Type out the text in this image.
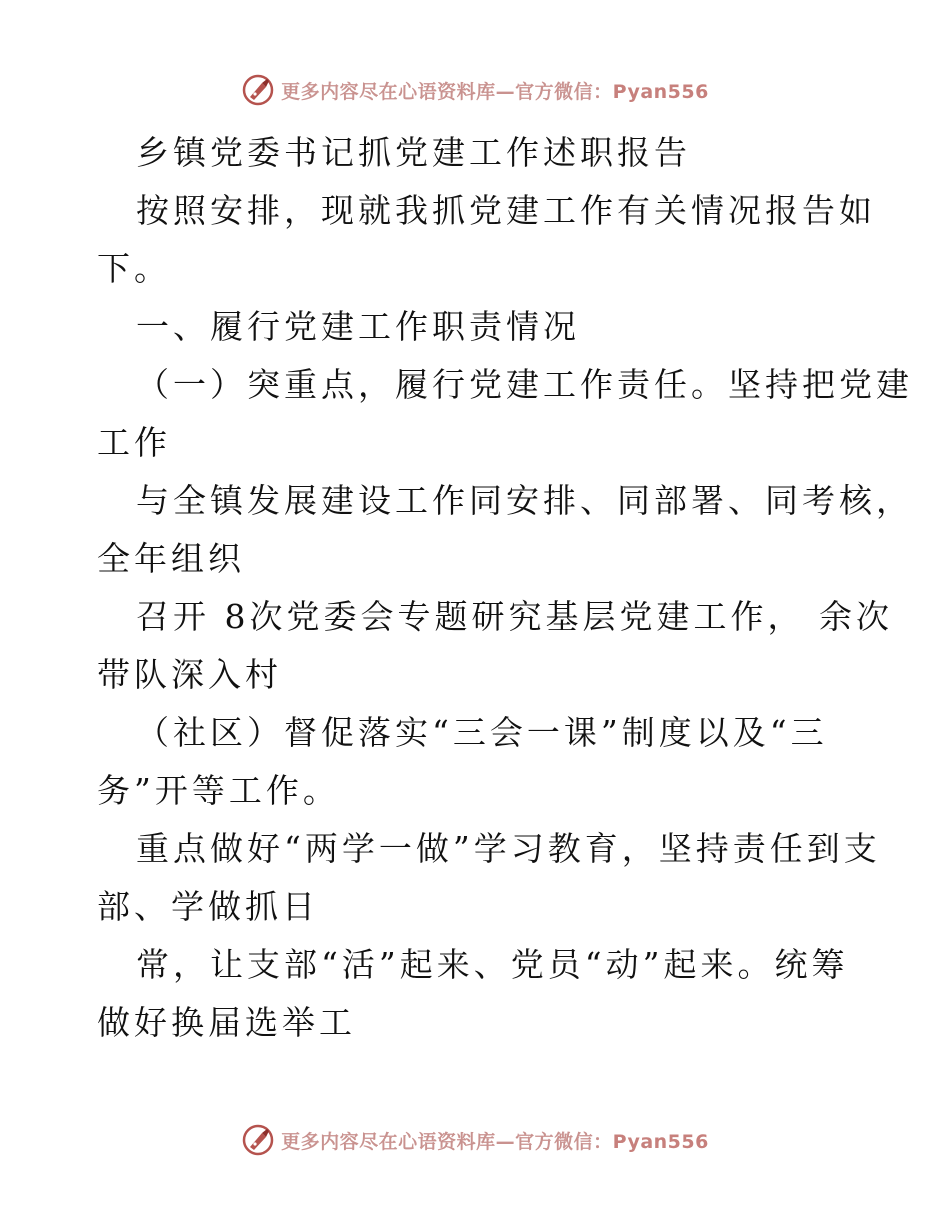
更多内容尽在心语资料库—官方微信：Pyan556
乡镇党委书记抓党建工作述职报告
按照安排，现就我抓党建工作有关情况报告如
下。
一、履行党建工作职责情况
（一）突重点，履行党建工作责任。坚持把党建
工作
与全镇发展建设工作同安排、同部署、同考核，
全年组织
召开 8次党委会专题研究基层党建工作， 余次
带队深入村
（社区）督促落实“三会一课”制度以及“三
务”开等工作。
重点做好“两学一做”学习教育，坚持责任到支
部、学做抓日
常，让支部“活”起来、党员“动”起来。统筹
做好换届选举工
更多内容尽在心语资料库—官方微信：Pyan556
